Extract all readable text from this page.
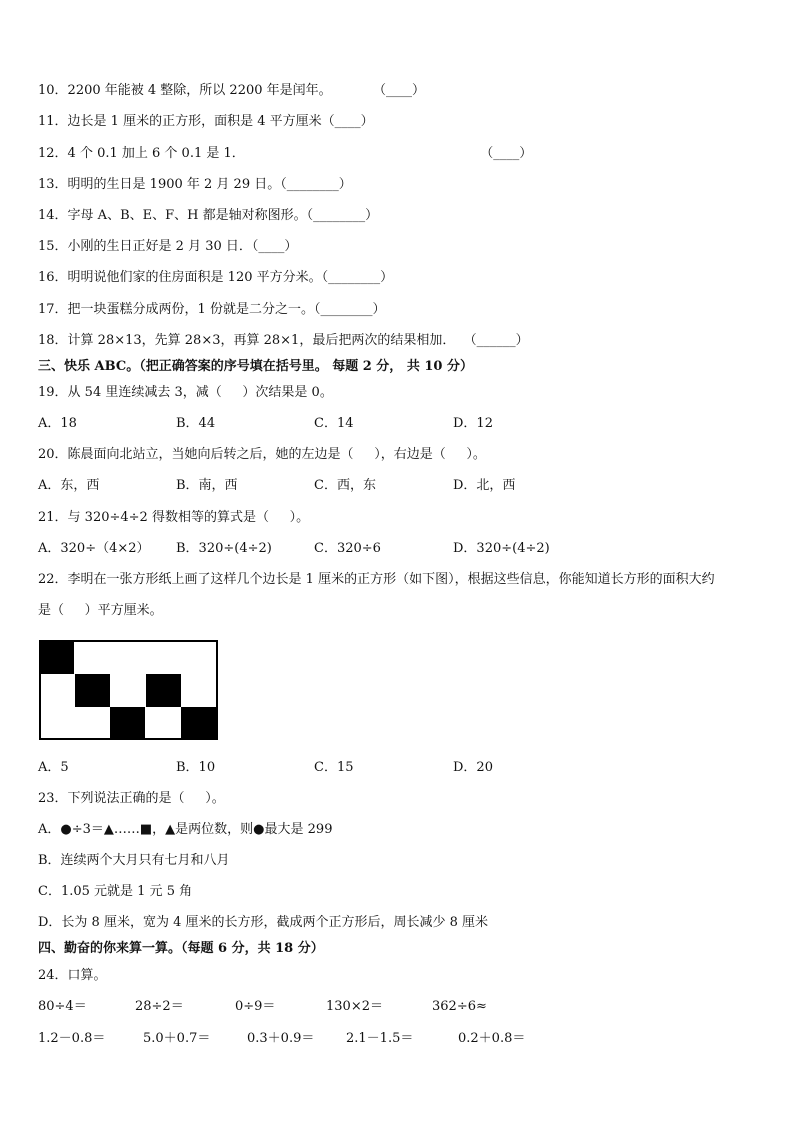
10．2200 年能被 4 整除，所以 2200 年是闰年。          （____）
11．边长是 1 厘米的正方形，面积是 4 平方厘米（____）
12．4 个 0.1 加上 6 个 0.1 是 1．                                                         （____）
13．明明的生日是 1900 年 2 月 29 日。（________）
14．字母 A、B、E、F、H 都是轴对称图形。（________）
15．小刚的生日正好是 2 月 30 日．（____）
16．明明说他们家的住房面积是 120 平方分米。（________）
17．把一块蛋糕分成两份，1 份就是二分之一。（________）
18．计算 28×13，先算 28×3，再算 28×1，最后把两次的结果相加．  （______）
三、快乐 ABC。（把正确答案的序号填在括号里。 每题 2 分， 共 10 分）
19．从 54 里连续减去 3，减（     ）次结果是 0。
A．18	B．44	C．14	D．12
20．陈晨面向北站立，当她向后转之后，她的左边是（     ），右边是（     ）。
A．东，西	B．南，西	C．西，东	D．北，西
21．与 320÷4÷2 得数相等的算式是（     ）。
A．320÷（4×2） B．320÷(4÷2)	C．320÷6	D．320÷(4÷2)
22．李明在一张方形纸上画了这样几个边长是 1 厘米的正方形（如下图），根据这些信息，你能知道长方形的面积大约
是（     ）平方厘米。
A．5	B．10	C．15	D．20
23．下列说法正确的是（     ）。
A．●÷3＝▲……■，▲是两位数，则●最大是 299
B．连续两个大月只有七月和八月
C．1.05 元就是 1 元 5 角
D．长为 8 厘米，宽为 4 厘米的长方形，截成两个正方形后，周长减少 8 厘米
四、勤奋的你来算一算。（每题 6 分，共 18 分）
24．口算。
80÷4＝	28÷2＝	0÷9＝	130×2＝	362÷6≈
1.2－0.8＝	5.0＋0.7＝	0.3＋0.9＝ 2.1－1.5＝	0.2＋0.8＝
